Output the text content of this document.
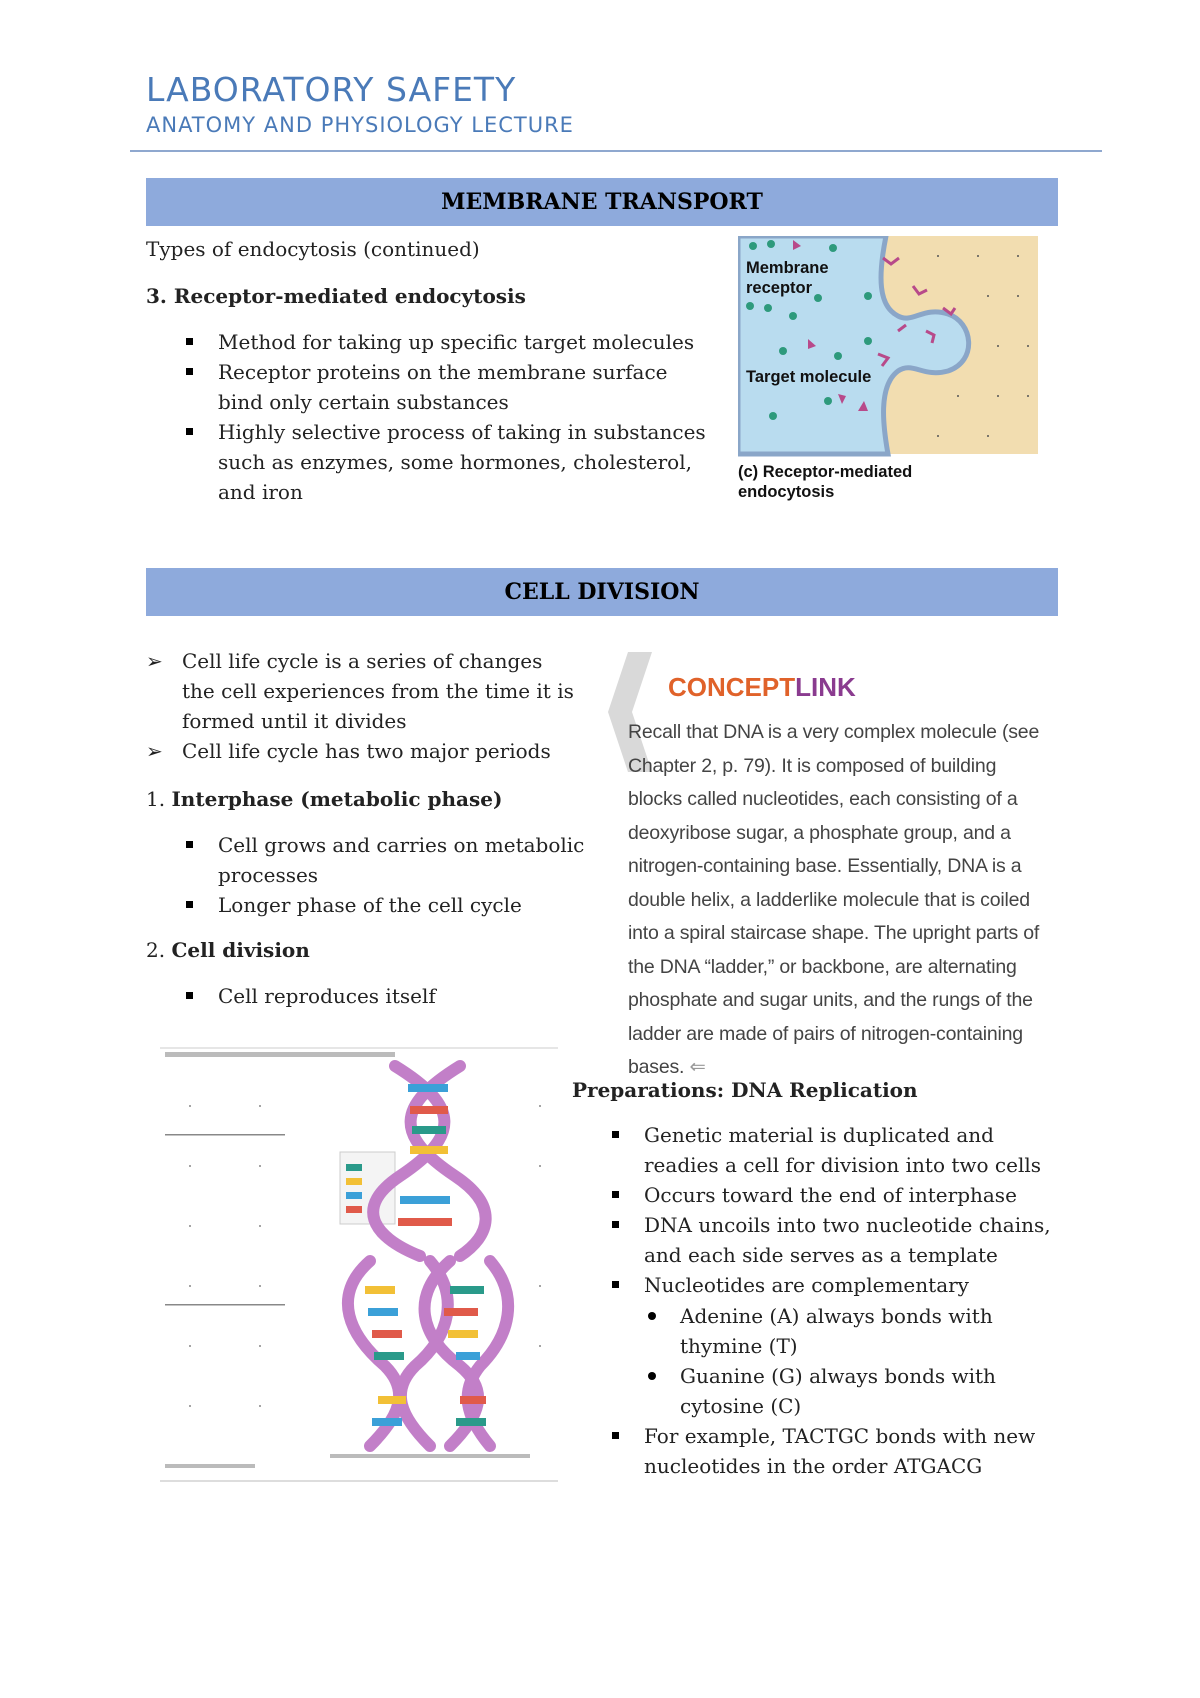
LABORATORY SAFETY
ANATOMY AND PHYSIOLOGY LECTURE
MEMBRANE TRANSPORT
Types of endocytosis (continued)
3. Receptor-mediated endocytosis
Method for taking up specific target molecules
Receptor proteins on the membrane surface bind only certain substances
Highly selective process of taking in substances such as enzymes, some hormones, cholesterol, and iron
Membrane receptor
Target molecule
(c) Receptor-mediated endocytosis
CELL DIVISION
➢ Cell life cycle is a series of changes the cell experiences from the time it is formed until it divides
➢ Cell life cycle has two major periods
1. Interphase (metabolic phase)
Cell grows and carries on metabolic processes
Longer phase of the cell cycle
2. Cell division
Cell reproduces itself
CONCEPTLINK
Recall that DNA is a very complex molecule (see Chapter 2, p. 79). It is composed of building blocks called nucleotides, each consisting of a deoxyribose sugar, a phosphate group, and a nitrogen-containing base. Essentially, DNA is a double helix, a ladderlike molecule that is coiled into a spiral staircase shape. The upright parts of the DNA “ladder,” or backbone, are alternating phosphate and sugar units, and the rungs of the ladder are made of pairs of nitrogen-containing bases. ⇐
Preparations: DNA Replication
Genetic material is duplicated and readies a cell for division into two cells
Occurs toward the end of interphase
DNA uncoils into two nucleotide chains, and each side serves as a template
Nucleotides are complementary
Adenine (A) always bonds with thymine (T)
Guanine (G) always bonds with cytosine (C)
For example, TACTGC bonds with new nucleotides in the order ATGACG
